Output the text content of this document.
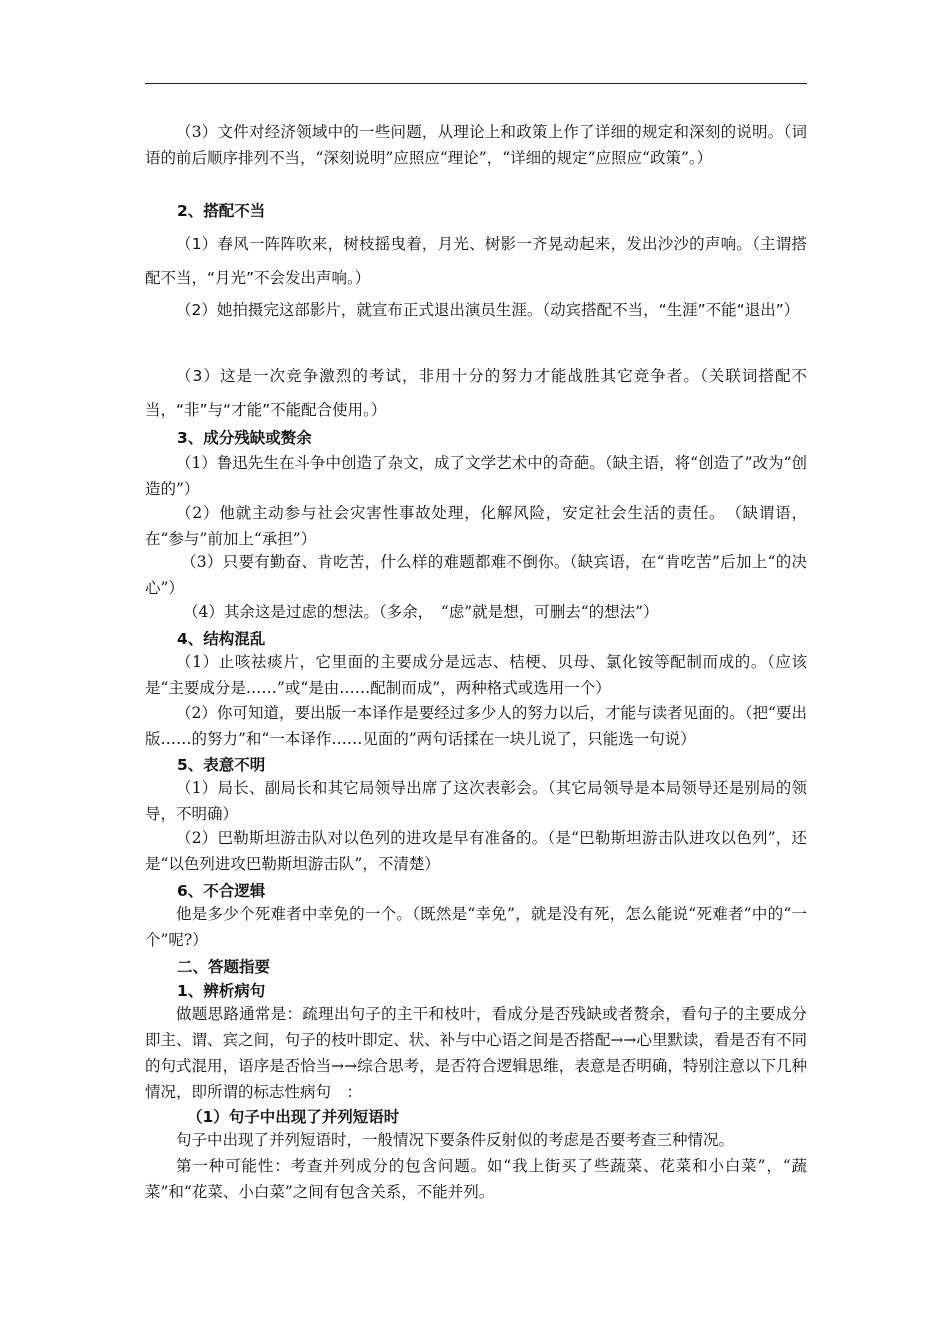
（3）文件对经济领域中的一些问题，从理论上和政策上作了详细的规定和深刻的说明。（词语的前后顺序排列不当，“深刻说明”应照应“理论”，“详细的规定”应照应“政策”。）

2、搭配不当

（1）春风一阵阵吹来，树枝摇曳着，月光、树影一齐晃动起来，发出沙沙的声响。（主谓搭配不当，“月光”不会发出声响。）

（2）她拍摄完这部影片，就宣布正式退出演员生涯。（动宾搭配不当，“生涯”不能“退出”）

（3）这是一次竞争激烈的考试，非用十分的努力才能战胜其它竞争者。（关联词搭配不当，“非”与“才能”不能配合使用。）

3、成分残缺或赘余

（1）鲁迅先生在斗争中创造了杂文，成了文学艺术中的奇葩。（缺主语，将“创造了”改为“创造的”）

（2）他就主动参与社会灾害性事故处理，化解风险，安定社会生活的责任。　（缺谓语，在“参与”前加上“承担”）

（3）只要有勤奋、肯吃苦，什么样的难题都难不倒你。（缺宾语，在“肯吃苦”后加上“的决心”）

（4）其余这是过虑的想法。（多余，　“虑”就是想，可删去“的想法”）

4、结构混乱

（1）止咳祛痰片，它里面的主要成分是远志、桔梗、贝母、氯化铵等配制而成的。（应该是“主要成分是……”或“是由……配制而成”，两种格式或选用一个）

（2）你可知道，要出版一本译作是要经过多少人的努力以后，才能与读者见面的。（把“要出版……的努力”和“一本译作……见面的”两句话揉在一块儿说了，只能选一句说）

5、表意不明

（1）局长、副局长和其它局领导出席了这次表彰会。（其它局领导是本局领导还是别局的领导，不明确）

（2）巴勒斯坦游击队对以色列的进攻是早有准备的。（是“巴勒斯坦游击队进攻以色列”，还是“以色列进攻巴勒斯坦游击队”，不清楚）

6、不合逻辑

他是多少个死难者中幸免的一个。（既然是“幸免”，就是没有死，怎么能说“死难者”中的“一个”呢?）

二、答题指要

1、辨析病句

做题思路通常是：疏理出句子的主干和枝叶，看成分是否残缺或者赘余，看句子的主要成分即主、谓、宾之间，句子的枝叶即定、状、补与中心语之间是否搭配→→心里默读，看是否有不同的句式混用，语序是否恰当→→综合思考，是否符合逻辑思维，表意是否明确，特别注意以下几种情况，即所谓的标志性病句　：

（1）句子中出现了并列短语时

句子中出现了并列短语时，一般情况下要条件反射似的考虑是否要考查三种情况。

第一种可能性：考查并列成分的包含问题。如“我上街买了些蔬菜、花菜和小白菜”，“蔬菜”和“花菜、小白菜”之间有包含关系，不能并列。
